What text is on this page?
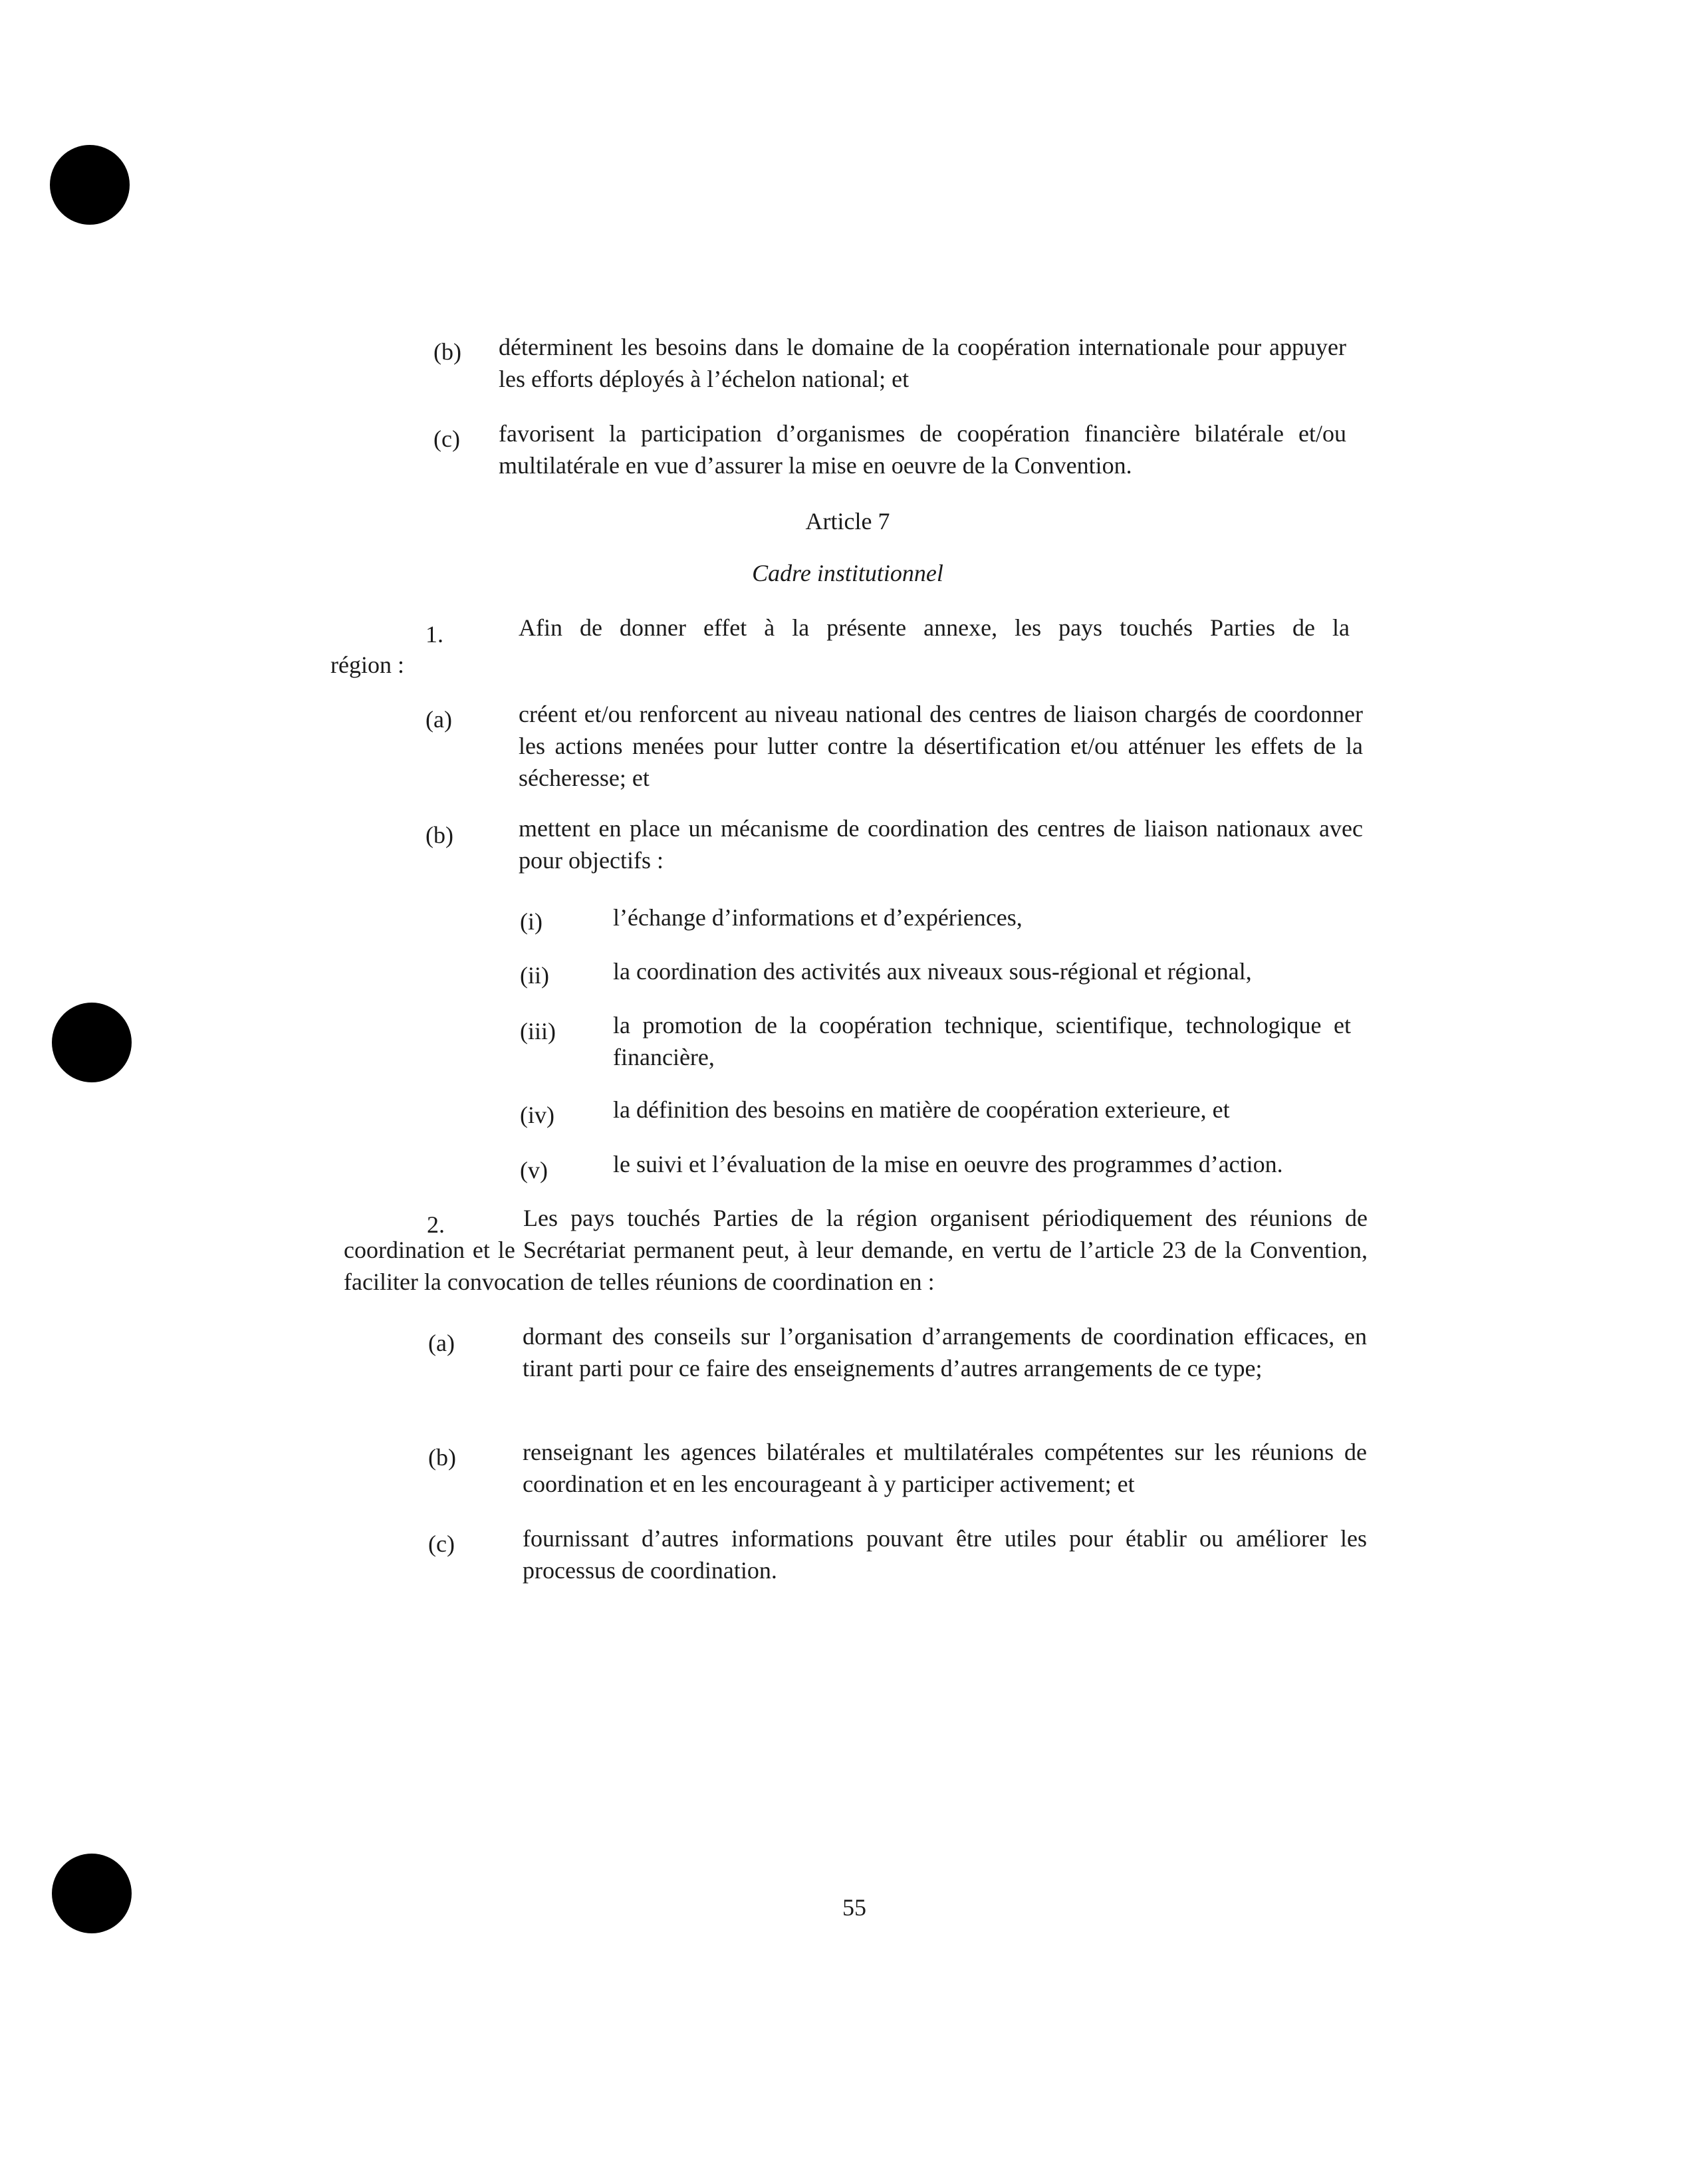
(b) déterminent les besoins dans le domaine de la coopération internationale pour appuyer les efforts déployés à l’échelon national; et
(c) favorisent la participation d’organismes de coopération financière bilatérale et/ou multilatérale en vue d’assurer la mise en oeuvre de la Convention.
Article 7
Cadre institutionnel
1.	Afin de donner effet à la présente annexe, les pays touchés Parties de la
région :
(a)	créent et/ou renforcent au niveau national des centres de liaison chargés de coordonner les actions menées pour lutter contre la désertification et/ou atténuer les effets de la sécheresse; et
(b)	mettent en place un mécanisme de coordination des centres de liaison nationaux avec pour objectifs :
(i)	l’échange d’informations et d’expériences,
(ii)	la coordination des activités aux niveaux sous-régional et régional,
(iii) la promotion de la coopération technique, scientifique, technologique et financière,
(iv) la définition des besoins en matière de coopération exterieure, et
(v)	le suivi et l’évaluation de la mise en oeuvre des programmes d’action.
2.	Les pays touchés Parties de la région organisent périodiquement des réunions de coordination et le Secrétariat permanent peut, à leur demande, en vertu de l’article 23 de la Convention, faciliter la convocation de telles réunions de coordination en :
(a)	dormant des conseils sur l’organisation d’arrangements de coordination efficaces, en tirant parti pour ce faire des enseignements d’autres arrangements de ce type;
(b)	renseignant les agences bilatérales et multilatérales compétentes sur les réunions de coordination et en les encourageant à y participer activement; et
(c)	fournissant d’autres informations pouvant être utiles pour établir ou améliorer les processus de coordination.
55
